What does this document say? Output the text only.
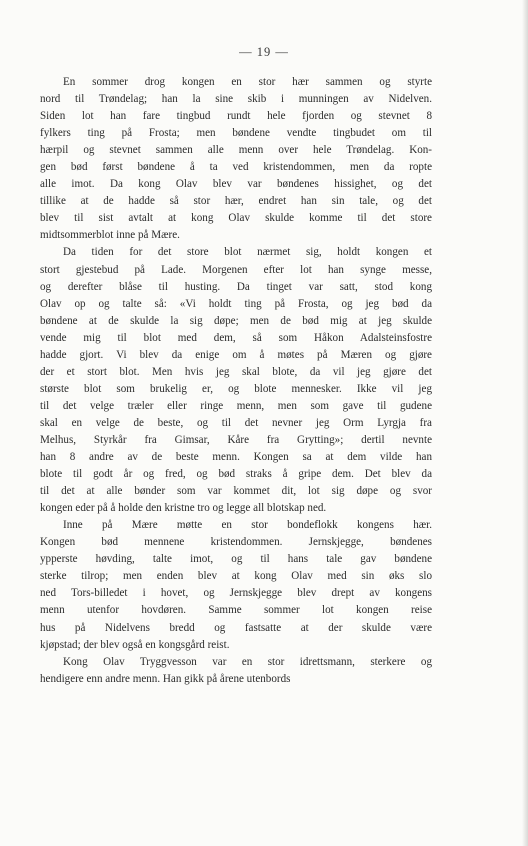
— 19 —

En sommer drog kongen en stor hær sammen og styrte
nord til Trøndelag; han la sine skib i munningen av Nidelven.
Siden lot han fare tingbud rundt hele fjorden og stevnet 8
fylkers ting på Frosta; men bøndene vendte tingbudet om til
hærpil og stevnet sammen alle menn over hele Trøndelag. Kon-
gen bød først bøndene å ta ved kristendommen, men da ropte
alle imot. Da kong Olav blev var bøndenes hissighet, og det
tillike at de hadde så stor hær, endret han sin tale, og det
blev til sist avtalt at kong Olav skulde komme til det store
midtsommerblot inne på Mære.

Da tiden for det store blot nærmet sig, holdt kongen et
stort gjestebud på Lade. Morgenen efter lot han synge messe,
og derefter blåse til husting. Da tinget var satt, stod kong
Olav op og talte så: «Vi holdt ting på Frosta, og jeg bød da
bøndene at de skulde la sig døpe; men de bød mig at jeg skulde
vende mig til blot med dem, så som Håkon Adalsteinsfostre
hadde gjort. Vi blev da enige om å møtes på Mæren og gjøre
der et stort blot. Men hvis jeg skal blote, da vil jeg gjøre det
største blot som brukelig er, og blote mennesker. Ikke vil jeg
til det velge træler eller ringe menn, men som gave til gudene
skal en velge de beste, og til det nevner jeg Orm Lyrgja fra
Melhus, Styrkår fra Gimsar, Kåre fra Grytting»; dertil nevnte
han 8 andre av de beste menn. Kongen sa at dem vilde han
blote til godt år og fred, og bød straks å gripe dem. Det blev da
til det at alle bønder som var kommet dit, lot sig døpe og svor
kongen eder på å holde den kristne tro og legge all blotskap ned.

Inne på Mære møtte en stor bondeflokk kongens hær.
Kongen bød mennene kristendommen. Jernskjegge, bøndenes
ypperste høvding, talte imot, og til hans tale gav bøndene
sterke tilrop; men enden blev at kong Olav med sin øks slo
ned Tors-billedet i hovet, og Jernskjegge blev drept av kongens
menn utenfor hovdøren. Samme sommer lot kongen reise
hus på Nidelvens bredd og fastsatte at der skulde være
kjøpstad; der blev også en kongsgård reist.

Kong Olav Tryggvesson var en stor idrettsmann, sterkere og
hendigere enn andre menn. Han gikk på årene utenbords
